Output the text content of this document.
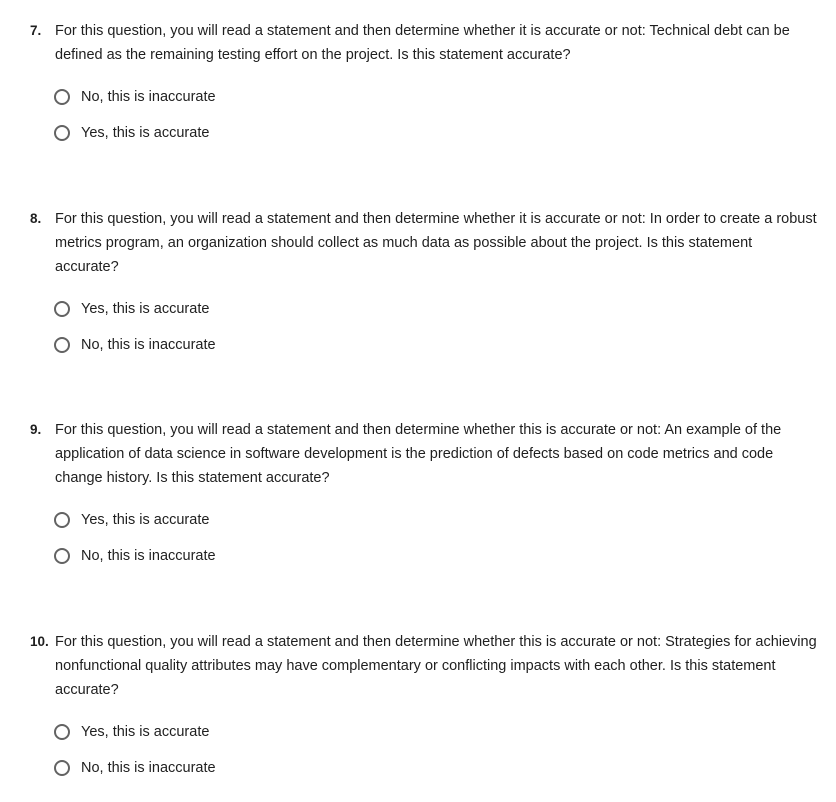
7. For this question, you will read a statement and then determine whether it is accurate or not: Technical debt can be defined as the remaining testing effort on the project. Is this statement accurate?
No, this is inaccurate
Yes, this is accurate
8. For this question, you will read a statement and then determine whether it is accurate or not: In order to create a robust metrics program, an organization should collect as much data as possible about the project. Is this statement accurate?
Yes, this is accurate
No, this is inaccurate
9. For this question, you will read a statement and then determine whether this is accurate or not: An example of the application of data science in software development is the prediction of defects based on code metrics and code change history. Is this statement accurate?
Yes, this is accurate
No, this is inaccurate
10. For this question, you will read a statement and then determine whether this is accurate or not: Strategies for achieving nonfunctional quality attributes may have complementary or conflicting impacts with each other. Is this statement accurate?
Yes, this is accurate
No, this is inaccurate
